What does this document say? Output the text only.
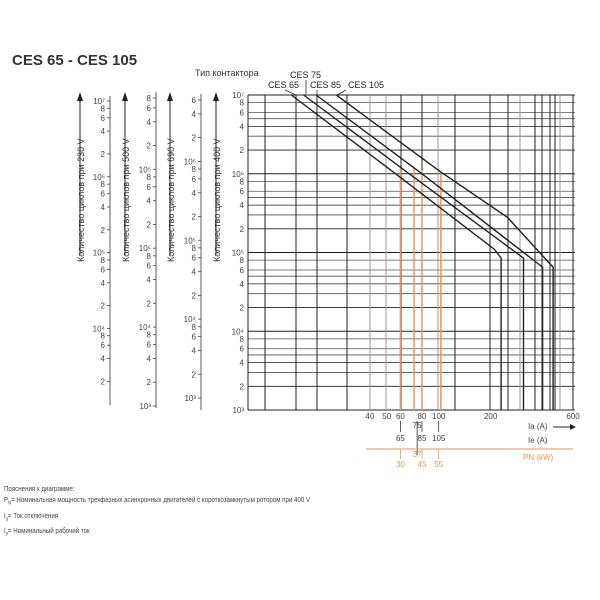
CES 65 - CES 105
10⁷
8
6
4
2
10⁶
8
6
4
2
10⁵
8
6
4
2
10⁴
8
6
4
2
10³
Тип контактора
CES 65
CES 75
CES 85 CES 105
40 50 60 80 100	200	600
Ia (A)
65
75
85 105	Ie (A)
30
37
45 55
PN (kW)
10⁷
8
6
4
2
10⁶
8
6
4
2
10⁵
8
6
4
2
10⁴
8
6
4
2
Количество циклов при 230 V
8
6
4
2
10⁶
8
6
4
2
10⁵
8
6
4
2
10⁴
8
6
4
2
10³
Количество циклов при 500 V
6
4
2
10⁶
8
6
4
2
10⁵
8
6
4
2
10⁴
8
6
4
2
10³
Количество циклов при 690 V	Количество циклов при 400 V
Пояснения к диаграмме:
$P_N=$ Номинальная мощность трехфазных асинхронных двигателей с короткозамкнутым ротором при 400 V
$I_a=$ Ток отключения
$I_e=$ Номинальный рабочий ток
